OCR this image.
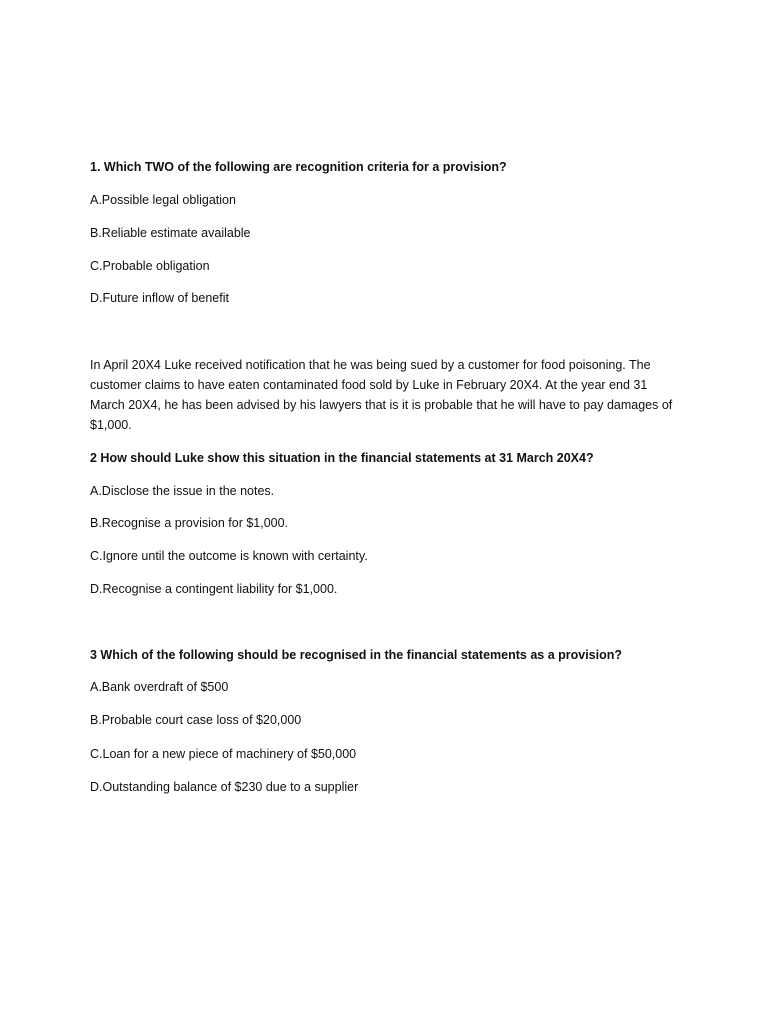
1. Which TWO of the following are recognition criteria for a provision?
A.Possible legal obligation
B.Reliable estimate available
C.Probable obligation
D.Future inflow of benefit
In April 20X4 Luke received notification that he was being sued by a customer for food poisoning. The customer claims to have eaten contaminated food sold by Luke in February 20X4. At the year end 31 March 20X4, he has been advised by his lawyers that is it is probable that he will have to pay damages of $1,000.
2 How should Luke show this situation in the financial statements at 31 March 20X4?
A.Disclose the issue in the notes.
B.Recognise a provision for $1,000.
C.Ignore until the outcome is known with certainty.
D.Recognise a contingent liability for $1,000.
3 Which of the following should be recognised in the financial statements as a provision?
A.Bank overdraft of $500
B.Probable court case loss of $20,000
C.Loan for a new piece of machinery of $50,000
D.Outstanding balance of $230 due to a supplier
